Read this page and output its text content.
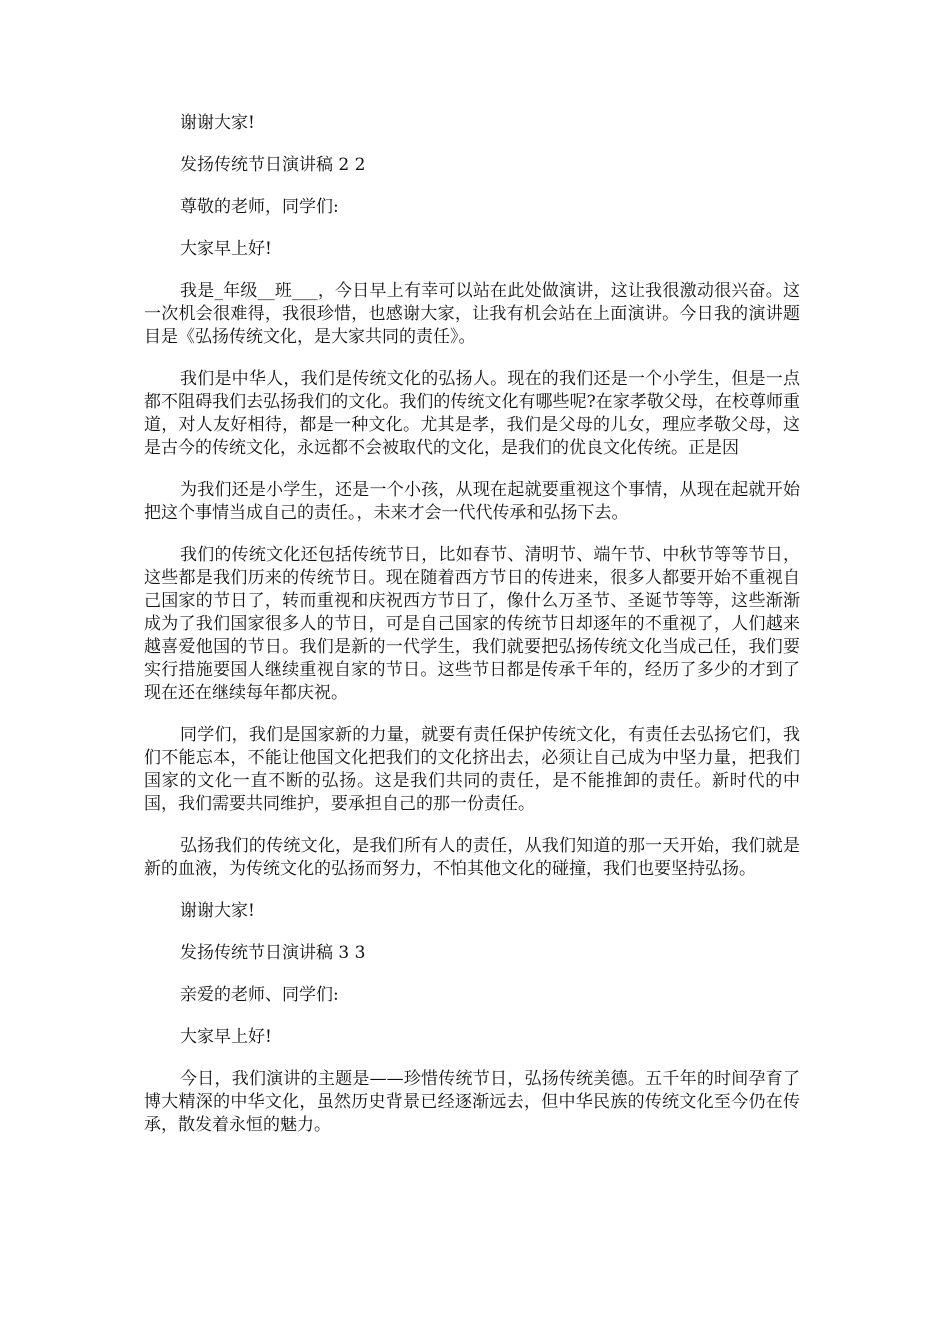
谢谢大家!

发扬传统节日演讲稿 2 2

尊敬的老师，同学们:

大家早上好!

我是_年级__班___，今日早上有幸可以站在此处做演讲，这让我很激动很兴奋。这一次机会很难得，我很珍惜，也感谢大家，让我有机会站在上面演讲。今日我的演讲题目是《弘扬传统文化，是大家共同的责任》。

我们是中华人，我们是传统文化的弘扬人。现在的我们还是一个小学生，但是一点都不阻碍我们去弘扬我们的文化。我们的传统文化有哪些呢?在家孝敬父母，在校尊师重道，对人友好相待，都是一种文化。尤其是孝，我们是父母的儿女，理应孝敬父母，这是古今的传统文化，永远都不会被取代的文化，是我们的优良文化传统。正是因

为我们还是小学生，还是一个小孩，从现在起就要重视这个事情，从现在起就开始把这个事情当成自己的责任。，未来才会一代代传承和弘扬下去。

我们的传统文化还包括传统节日，比如春节、清明节、端午节、中秋节等等节日，这些都是我们历来的传统节日。现在随着西方节日的传进来，很多人都要开始不重视自己国家的节日了，转而重视和庆祝西方节日了，像什么万圣节、圣诞节等等，这些渐渐成为了我们国家很多人的节日，可是自己国家的传统节日却逐年的不重视了，人们越来越喜爱他国的节日。我们是新的一代学生，我们就要把弘扬传统文化当成己任，我们要实行措施要国人继续重视自家的节日。这些节日都是传承千年的，经历了多少的才到了现在还在继续每年都庆祝。

同学们，我们是国家新的力量，就要有责任保护传统文化，有责任去弘扬它们，我们不能忘本，不能让他国文化把我们的文化挤出去，必须让自己成为中坚力量，把我们国家的文化一直不断的弘扬。这是我们共同的责任，是不能推卸的责任。新时代的中国，我们需要共同维护，要承担自己的那一份责任。

弘扬我们的传统文化，是我们所有人的责任，从我们知道的那一天开始，我们就是新的血液，为传统文化的弘扬而努力，不怕其他文化的碰撞，我们也要坚持弘扬。

谢谢大家!

发扬传统节日演讲稿 3 3

亲爱的老师、同学们:

大家早上好!

今日，我们演讲的主题是——珍惜传统节日，弘扬传统美德。五千年的时间孕育了博大精深的中华文化，虽然历史背景已经逐渐远去，但中华民族的传统文化至今仍在传承，散发着永恒的魅力。
